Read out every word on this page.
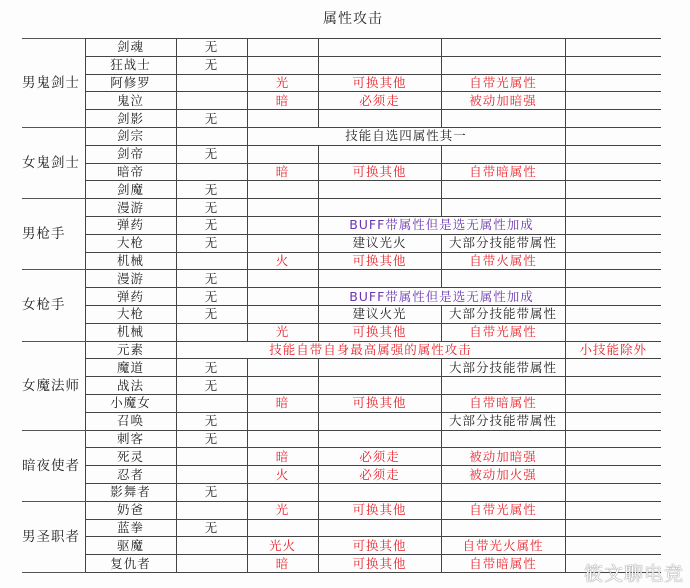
属性攻击
男鬼剑士	剑魂	无				
	狂战士	无				
	阿修罗		光	可换其他	自带光属性	
	鬼泣		暗	必须走	被动加暗强	
	剑影	无				
女鬼剑士	剑宗		技能自选四属性其一			
	剑帝	无				
	暗帝		暗	可换其他	自带暗属性	
	剑魔	无				
男枪手	漫游	无				
	弹药	无		BUFF带属性但是选无属性加成		
	大枪	无		建议光火	大部分技能带属性	
	机械		火	可换其他	自带火属性	
女枪手	漫游	无				
	弹药	无		BUFF带属性但是选无属性加成		
	大枪	无		建议火光	大部分技能带属性	
	机械		光	可换其他	自带光属性	
女魔法师	元素	技能自带自身最高属强的属性攻击				小技能除外
	魔道	无			大部分技能带属性	
	战法	无				
	小魔女		暗	可换其他	自带暗属性	
	召唤	无			大部分技能带属性	
暗夜使者	刺客	无				
	死灵		暗	必须走	被动加暗强	
	忍者		火	必须走	被动加火强	
	影舞者	无				
男圣职者	奶爸		光	可换其他	自带光属性	
	蓝拳	无				
	驱魔		光火	可换其他	自带光火属性	
	复仇者		暗	可换其他	自带暗属性	筱文聊电竞
